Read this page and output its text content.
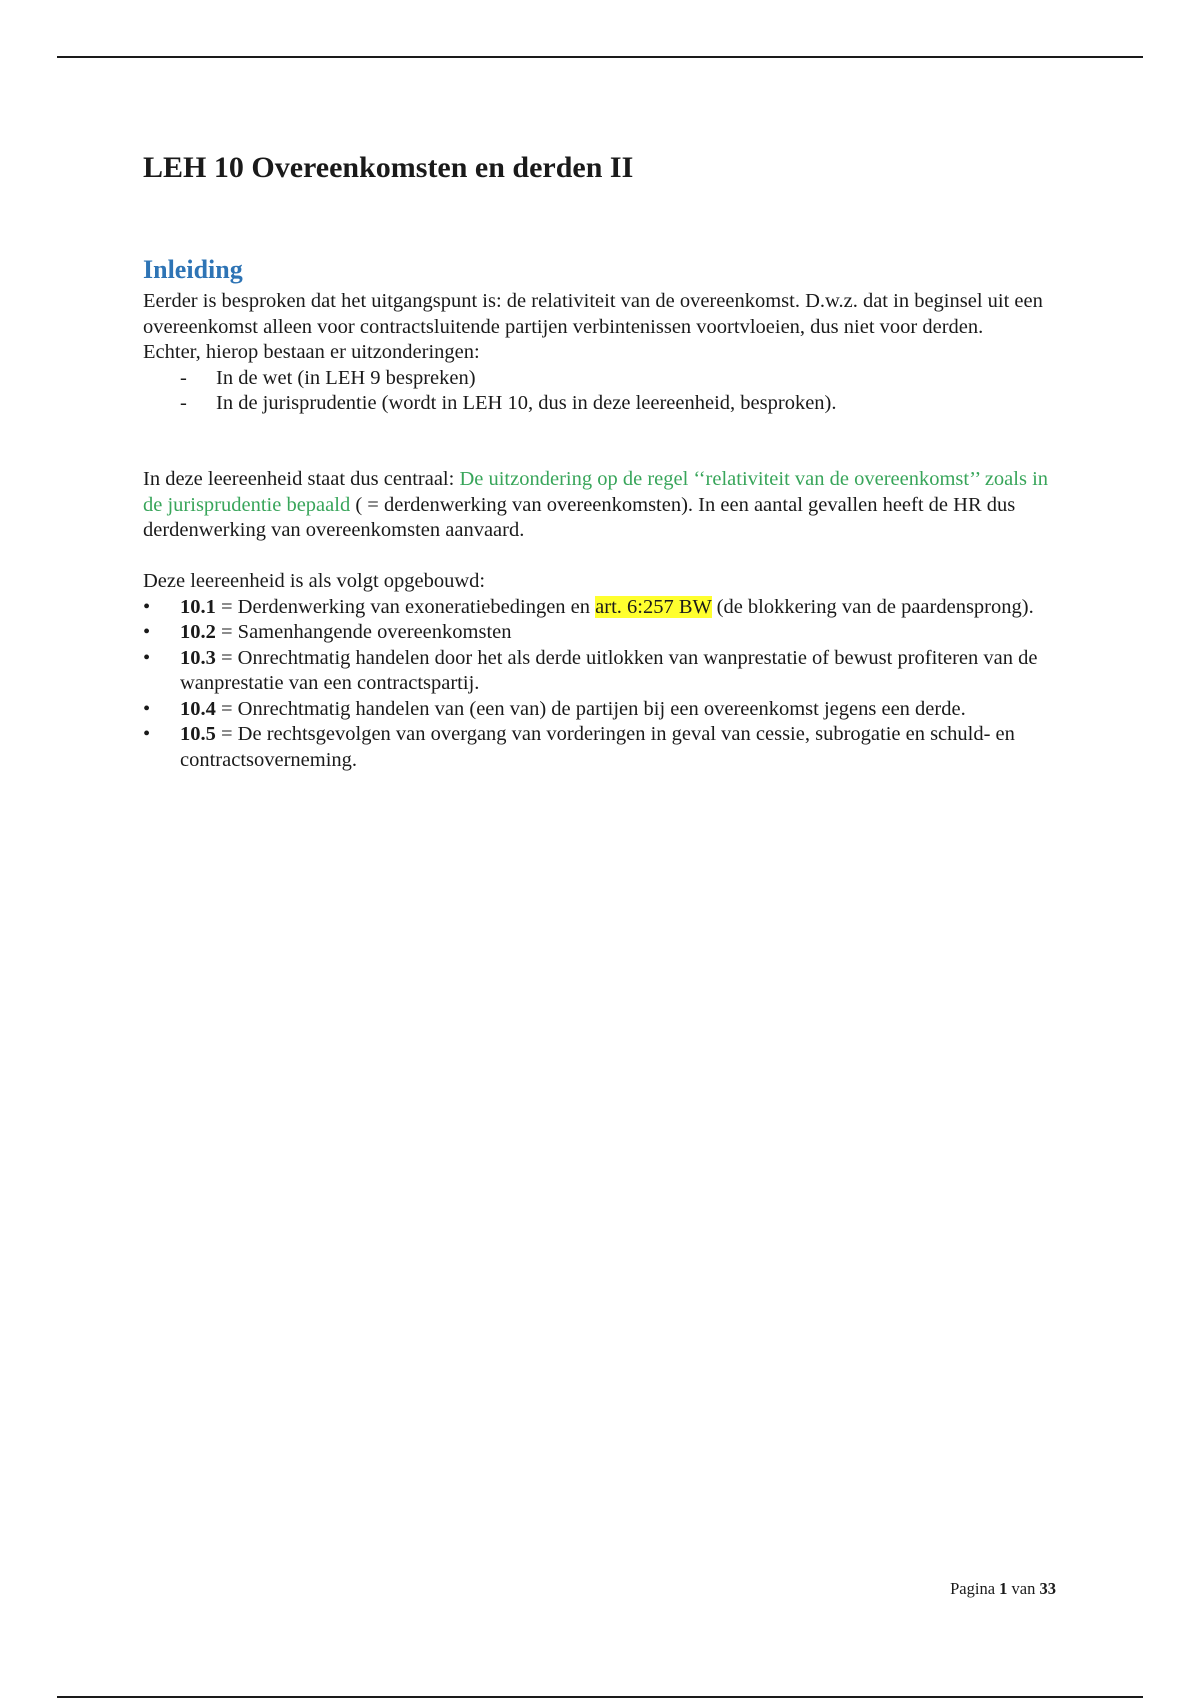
LEH 10 Overeenkomsten en derden II
Inleiding

Eerder is besproken dat het uitgangspunt is: de relativiteit van de overeenkomst. D.w.z. dat in beginsel uit een overeenkomst alleen voor contractsluitende partijen verbintenissen voortvloeien, dus niet voor derden.

Echter, hierop bestaan er uitzonderingen:

- In de wet (in LEH 9 bespreken)
- In de jurisprudentie (wordt in LEH 10, dus in deze leereenheid, besproken).

In deze leereenheid staat dus centraal: De uitzondering op de regel ‘‘relativiteit van de overeenkomst’’ zoals in de jurisprudentie bepaald ( = derdenwerking van overeenkomsten). In een aantal gevallen heeft de HR dus derdenwerking van overeenkomsten aanvaard.

Deze leereenheid is als volgt opgebouwd:

• 10.1 = Derdenwerking van exoneratiebedingen en art. 6:257 BW (de blokkering van de paardensprong).
• 10.2 = Samenhangende overeenkomsten
• 10.3 = Onrechtmatig handelen door het als derde uitlokken van wanprestatie of bewust profiteren van de wanprestatie van een contractspartij.
• 10.4 = Onrechtmatig handelen van (een van) de partijen bij een overeenkomst jegens een derde.
• 10.5 = De rechtsgevolgen van overgang van vorderingen in geval van cessie, subrogatie en schuld- en contractsoverneming.
Pagina 1 van 33
